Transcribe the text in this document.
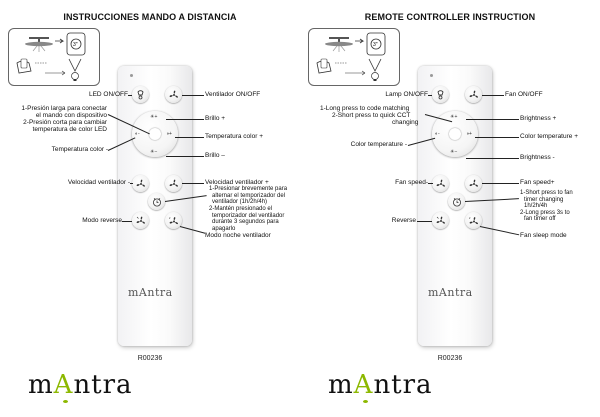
INSTRUCCIONES MANDO A DISTANCIA
3"
☀+
☀−
◐-	◑+
z
mAntra
LED ON/OFF	Ventilador ON/OFF
1-Presión larga para conectar
el mando con dispositivo
2-Presión corta para cambiar
temperatura de color LED
Brillo +
Temperatura color +
Temperatura color -
Brillo –
Velocidad ventilador -	Velocidad ventilador +
1-Presionar brevemente para
alternar el temporizador del
ventilador (1h/2h/4h)
2-Mantén presionado el
temporizador del ventilador
durante 3 segundos para
apagarlo
Modo reverse
Modo noche ventilador
R00236
mAntra
REMOTE CONTROLLER INSTRUCTION
3"
☀+
☀−
◐-	◑+
z
mAntra
Lamp ON/OFF	Fan ON/OFF
1-Long press to code matching
2-Short press to quick CCT
changing
Brightness +
Color temperature +
Color temperature -
Brightness -
Fan speed-	Fan speed+
1-Short press to fan
timer changing
1h/2h/4h
2-Long press 3s to
fan timer off
Reverse
Fan sleep mode
R00236
mAntra
